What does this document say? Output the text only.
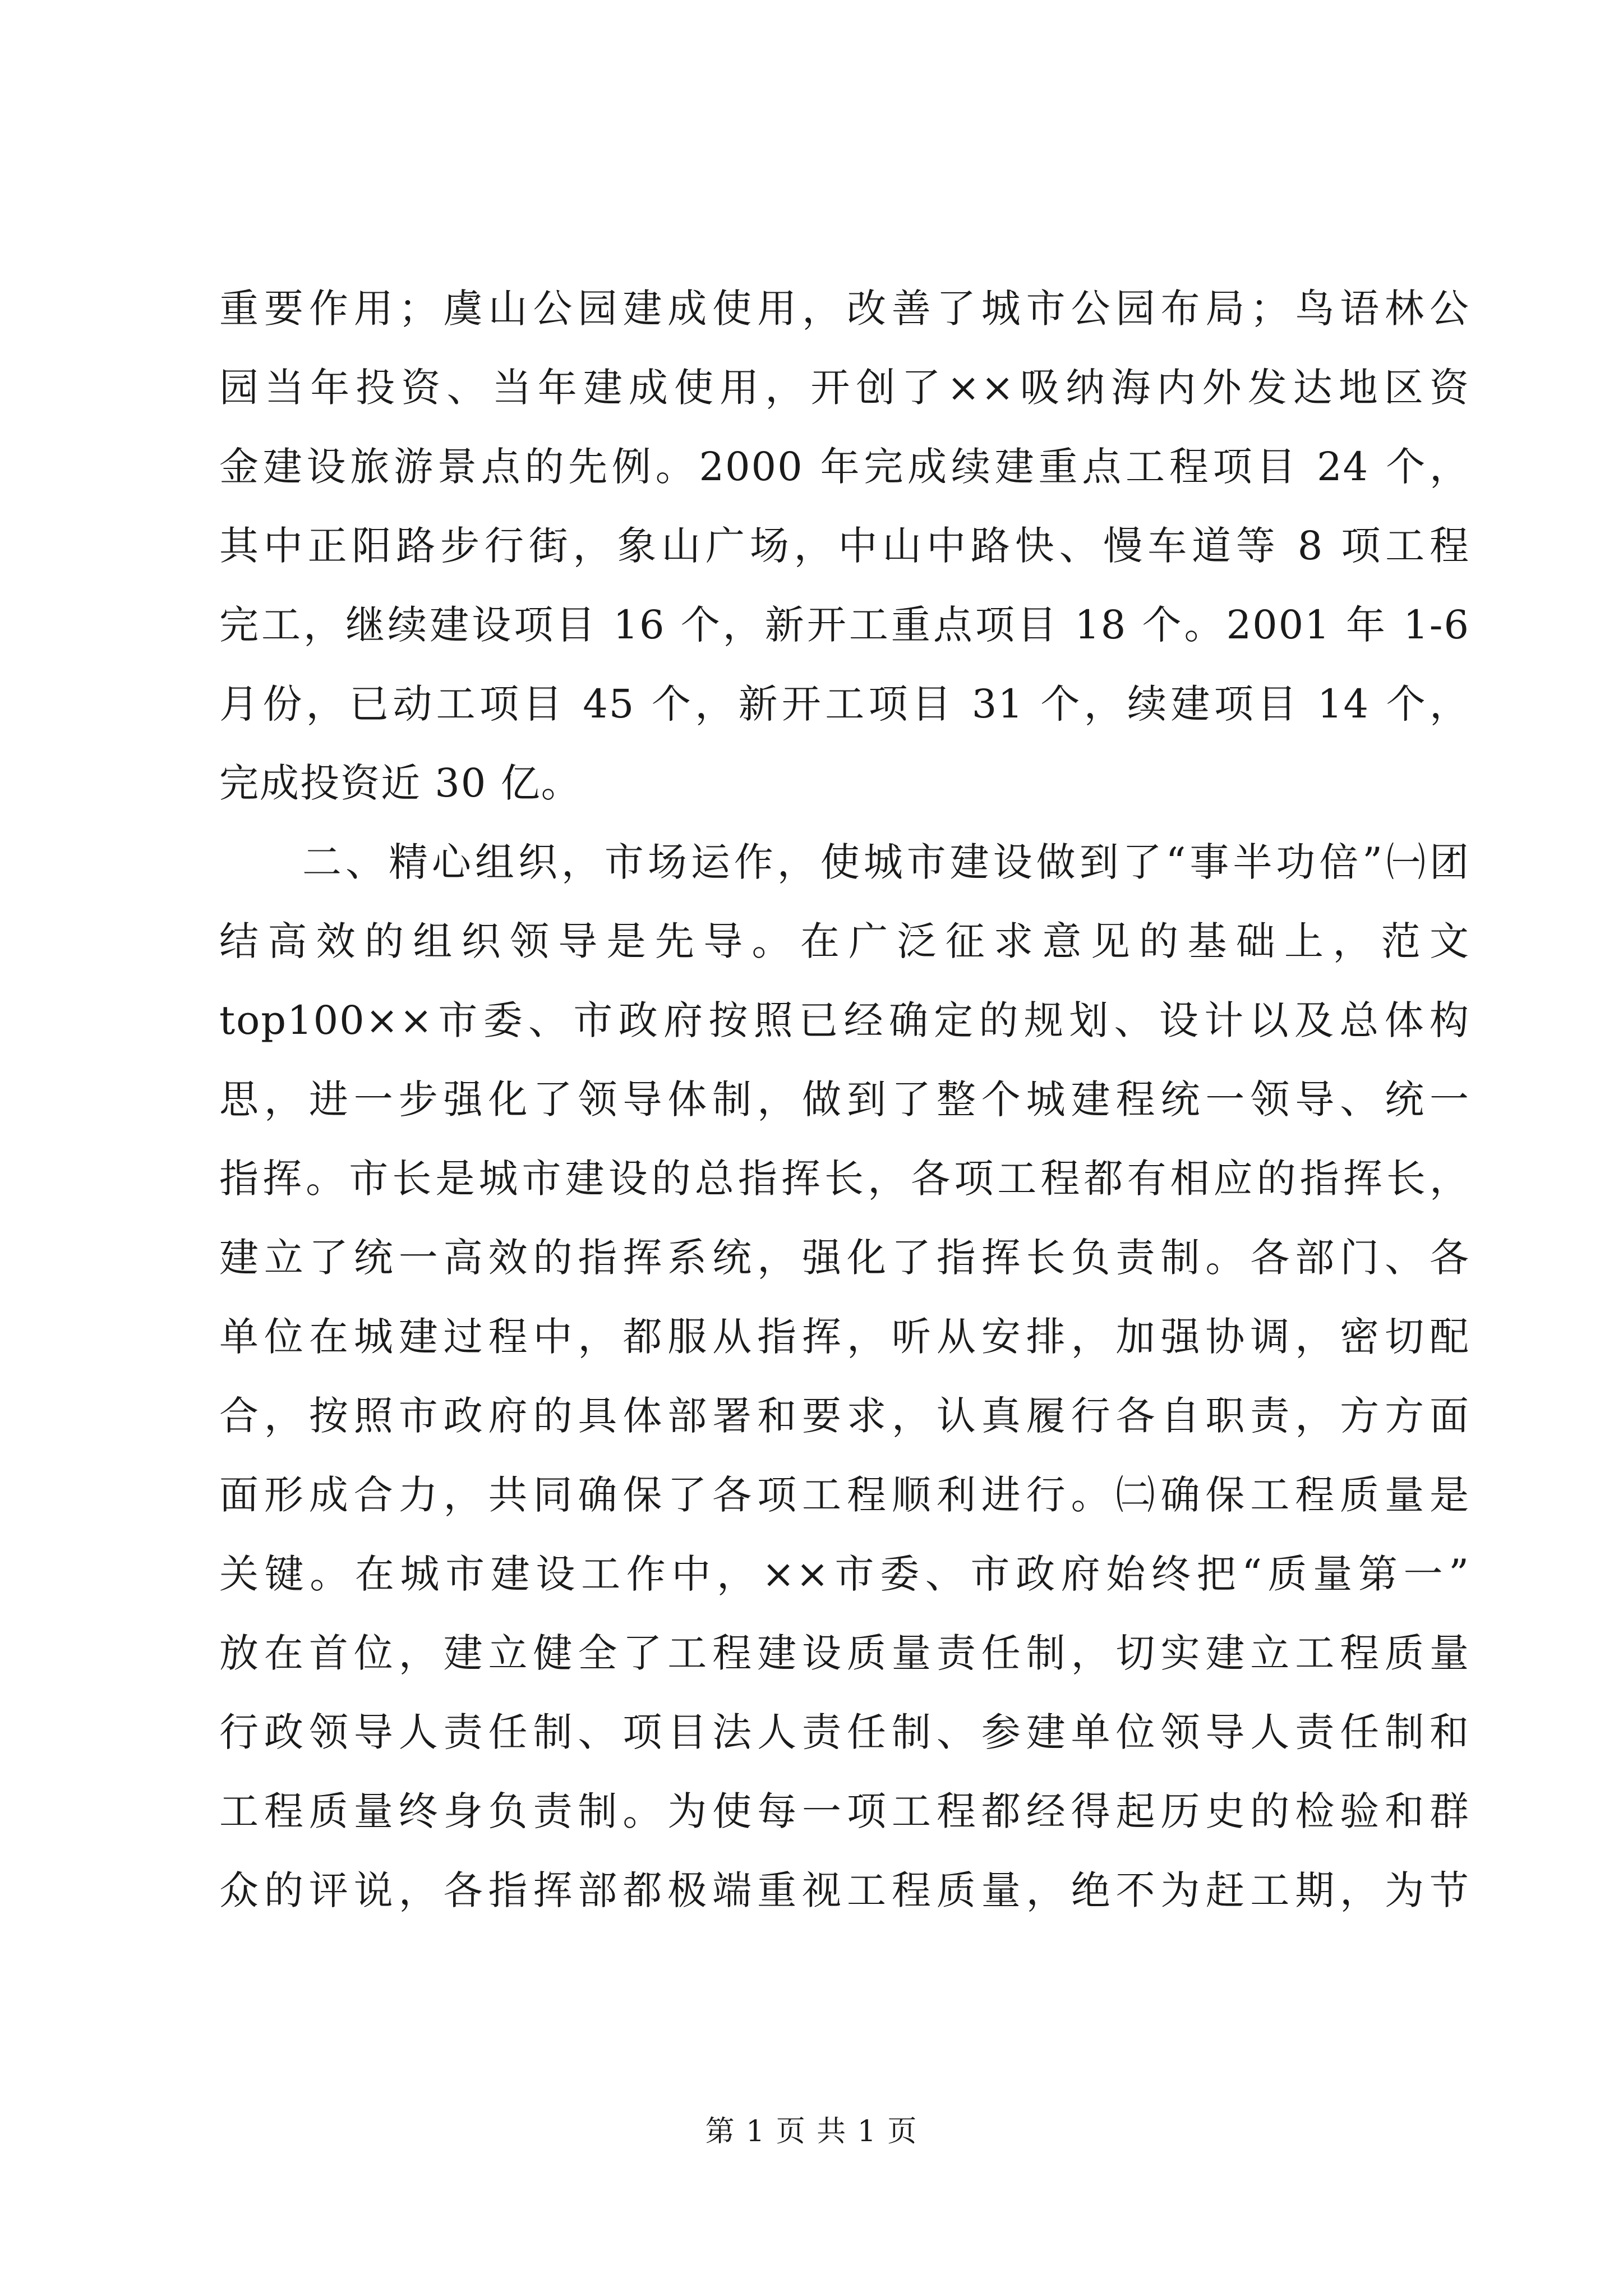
重要作用；虞山公园建成使用，改善了城市公园布局；鸟语林公
园当年投资、当年建成使用，开创了××吸纳海内外发达地区资
金建设旅游景点的先例。2000 年完成续建重点工程项目 24 个，
其中正阳路步行街，象山广场，中山中路快、慢车道等 8 项工程
完工，继续建设项目 16 个，新开工重点项目 18 个。2001 年 1-6
月份，已动工项目 45 个，新开工项目 31 个，续建项目 14 个，
完成投资近 30 亿。
二、精心组织，市场运作，使城市建设做到了“事半功倍”㈠团
结高效的组织领导是先导。在广泛征求意见的基础上，范文
top100××市委、市政府按照已经确定的规划、设计以及总体构
思，进一步强化了领导体制，做到了整个城建程统一领导、统一
指挥。市长是城市建设的总指挥长，各项工程都有相应的指挥长，
建立了统一高效的指挥系统，强化了指挥长负责制。各部门、各
单位在城建过程中，都服从指挥，听从安排，加强协调，密切配
合，按照市政府的具体部署和要求，认真履行各自职责，方方面
面形成合力，共同确保了各项工程顺利进行。㈡确保工程质量是
关键。在城市建设工作中，××市委、市政府始终把“质量第一”
放在首位，建立健全了工程建设质量责任制，切实建立工程质量
行政领导人责任制、项目法人责任制、参建单位领导人责任制和
工程质量终身负责制。为使每一项工程都经得起历史的检验和群
众的评说，各指挥部都极端重视工程质量，绝不为赶工期，为节
第 1 页 共 1 页
